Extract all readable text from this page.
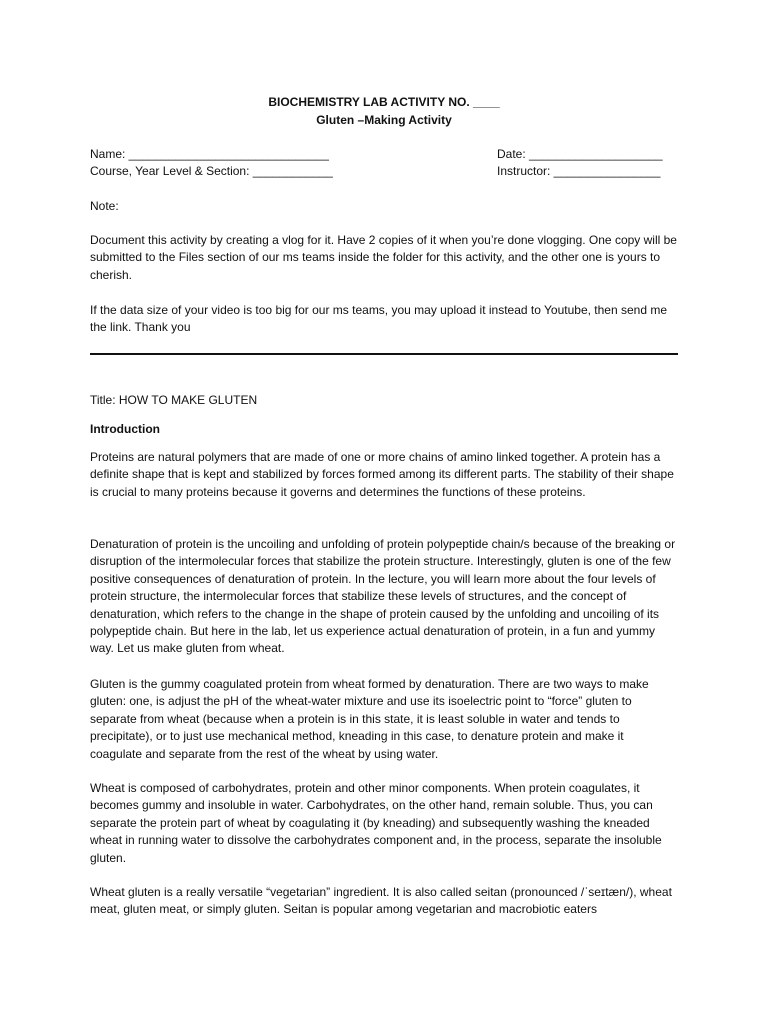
BIOCHEMISTRY LAB ACTIVITY NO. ____
Gluten –Making Activity
Name: ______________________________	Date: ____________________
Course, Year Level & Section: ____________	Instructor: ________________

Note:

Document this activity by creating a vlog for it. Have 2 copies of it when you’re done vlogging. One copy will be submitted to the Files section of our ms teams inside the folder for this activity, and the other one is yours to cherish.

If the data size of your video is too big for our ms teams, you may upload it instead to Youtube, then send me the link. Thank you

Title: HOW TO MAKE GLUTEN

Introduction

Proteins are natural polymers that are made of one or more chains of amino linked together. A protein has a definite shape that is kept and stabilized by forces formed among its different parts. The stability of their shape is crucial to many proteins because it governs and determines the functions of these proteins.

Denaturation of protein is the uncoiling and unfolding of protein polypeptide chain/s because of the breaking or disruption of the intermolecular forces that stabilize the protein structure. Interestingly, gluten is one of the few positive consequences of denaturation of protein. In the lecture, you will learn more about the four levels of protein structure, the intermolecular forces that stabilize these levels of structures, and the concept of denaturation, which refers to the change in the shape of protein caused by the unfolding and uncoiling of its polypeptide chain. But here in the lab, let us experience actual denaturation of protein, in a fun and yummy way. Let us make gluten from wheat.

Gluten is the gummy coagulated protein from wheat formed by denaturation. There are two ways to make gluten: one, is adjust the pH of the wheat-water mixture and use its isoelectric point to “force” gluten to separate from wheat (because when a protein is in this state, it is least soluble in water and tends to precipitate), or to just use mechanical method, kneading in this case, to denature protein and make it coagulate and separate from the rest of the wheat by using water.

Wheat is composed of carbohydrates, protein and other minor components. When protein coagulates, it becomes gummy and insoluble in water. Carbohydrates, on the other hand, remain soluble. Thus, you can separate the protein part of wheat by coagulating it (by kneading) and subsequently washing the kneaded wheat in running water to dissolve the carbohydrates component and, in the process, separate the insoluble gluten.

Wheat gluten is a really versatile “vegetarian” ingredient. It is also called seitan (pronounced /ˈseɪtæn/), wheat meat, gluten meat, or simply gluten. Seitan is popular among vegetarian and macrobiotic eaters
